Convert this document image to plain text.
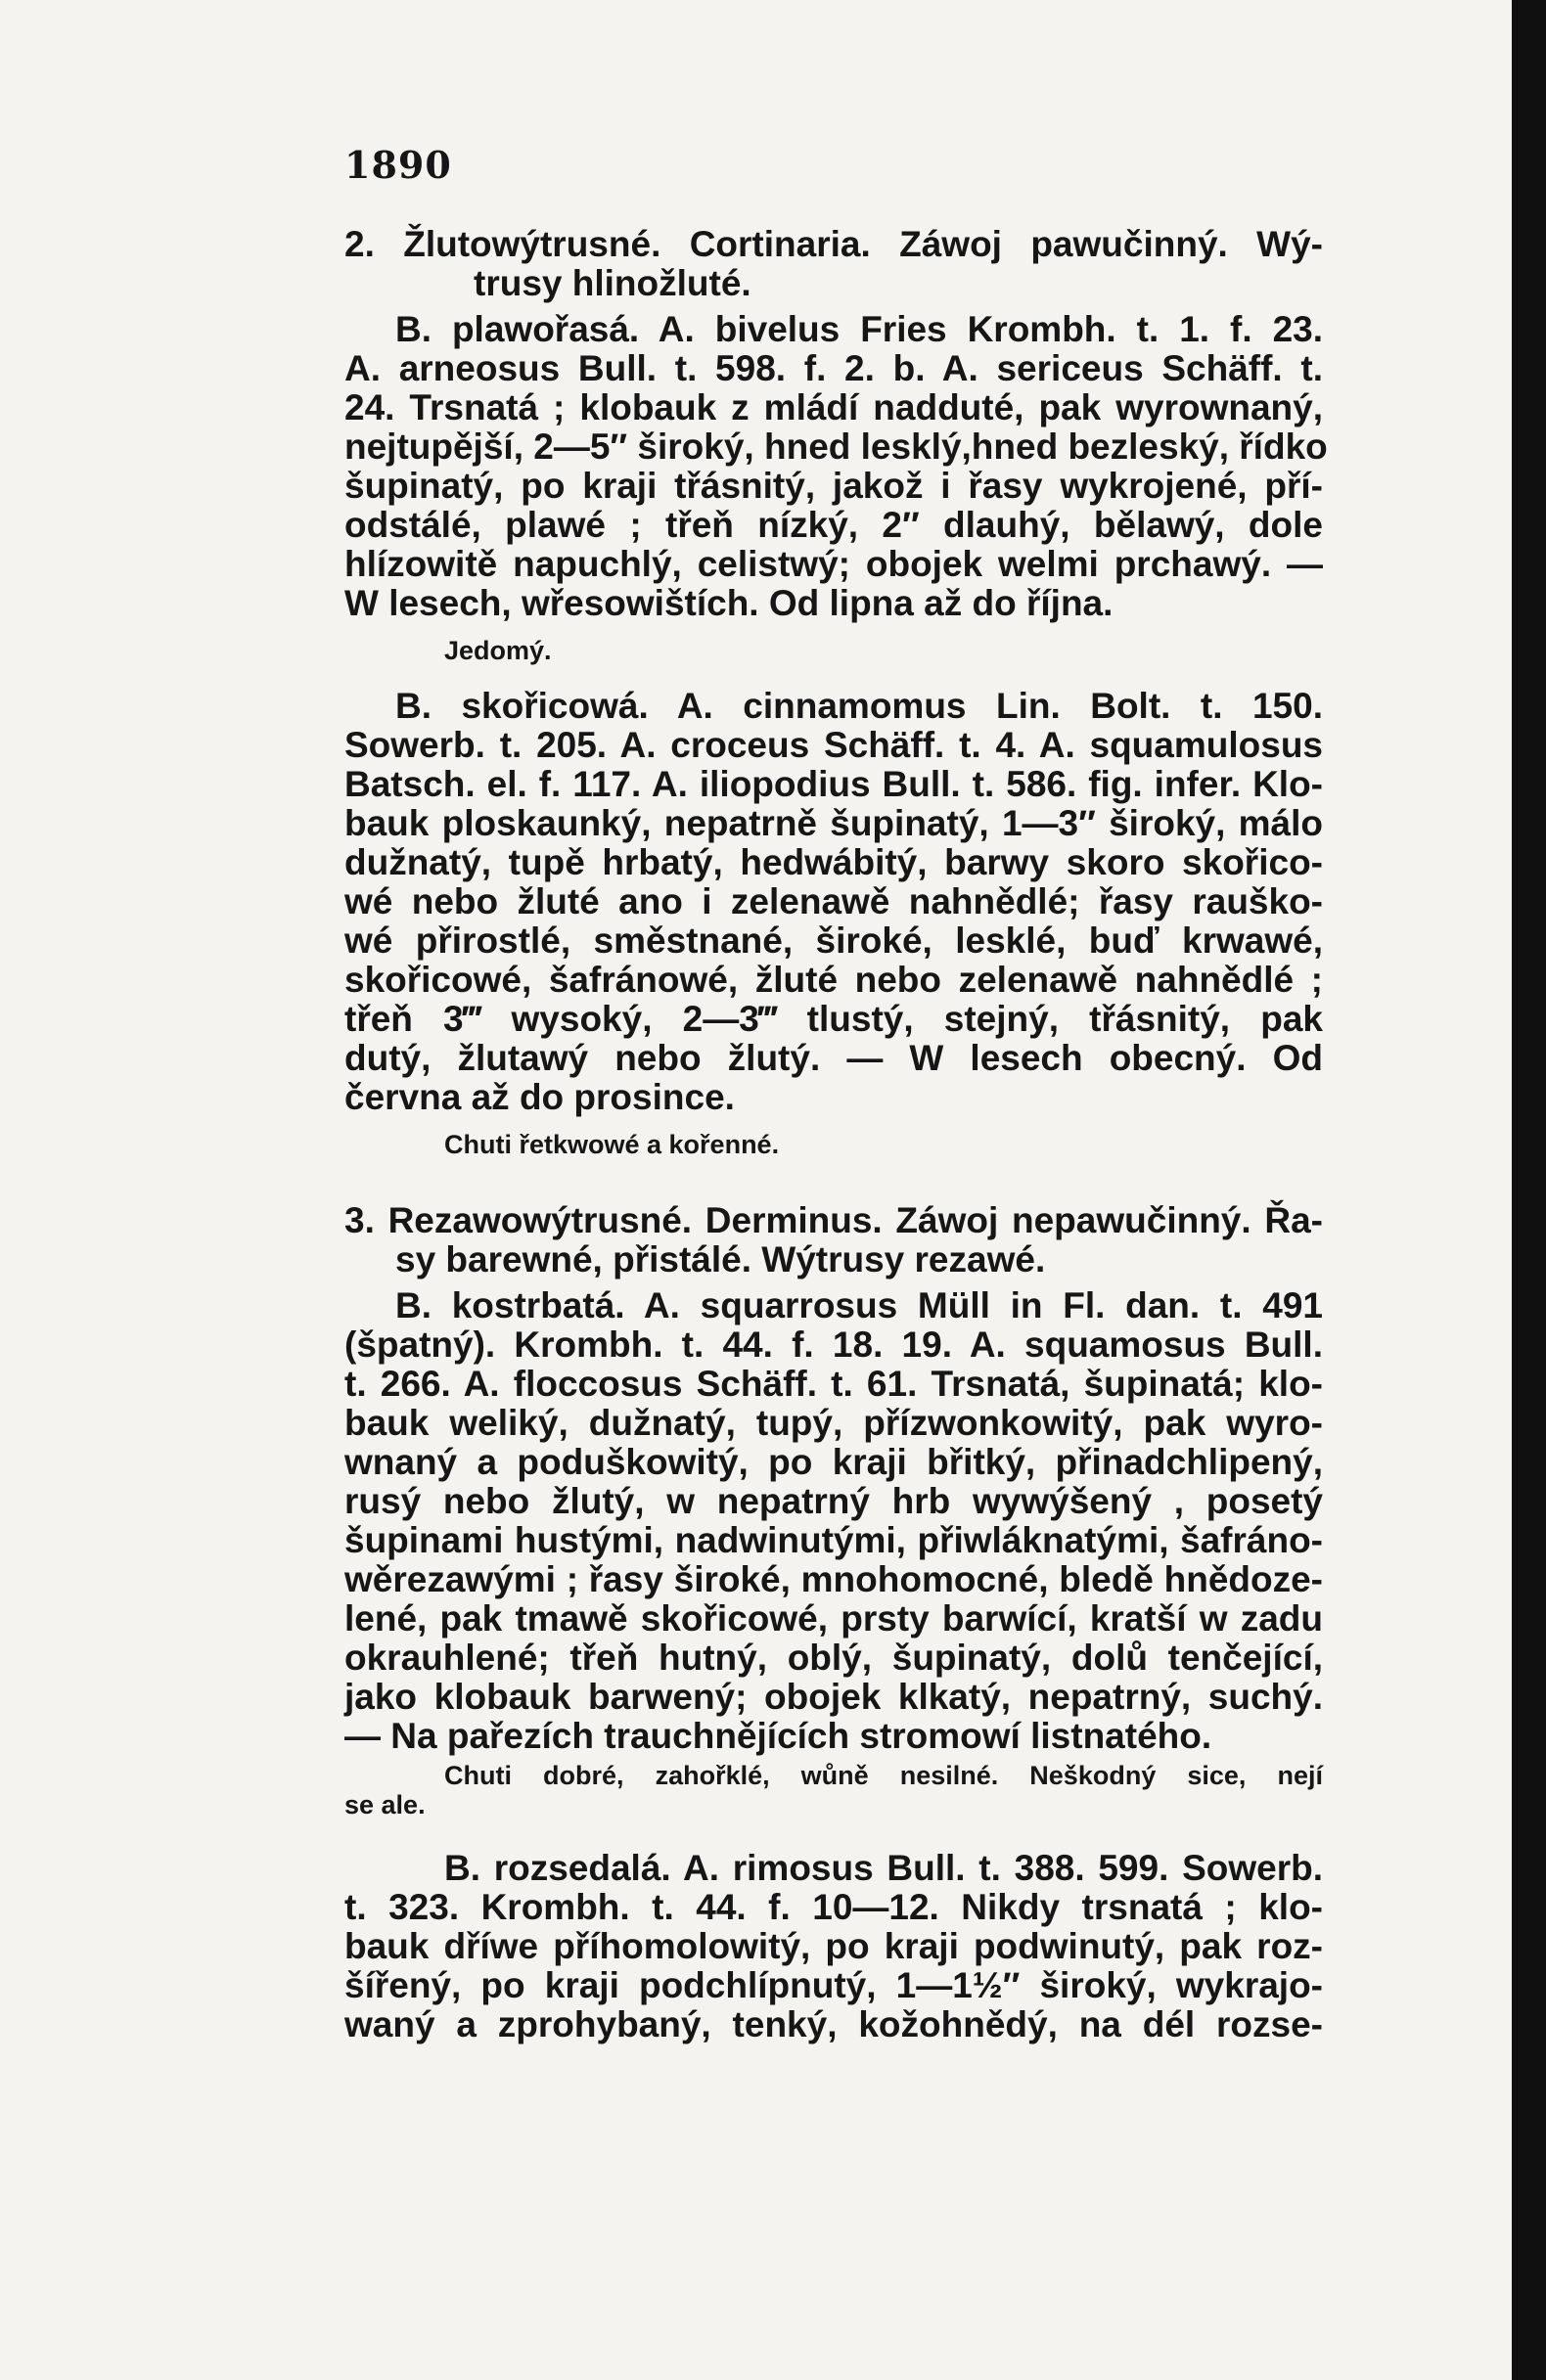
1890
2. Žlutowýtrusné. Cortinaria. Záwoj pawučinný. Wý-
trusy hlinožluté.
B. plawořasá. A. bivelus Fries Krombh. t. 1. f. 23.
A. arneosus Bull. t. 598. f. 2. b. A. sericeus Schäff. t.
24. Trsnatá ; klobauk z mládí nadduté, pak wyrownaný,
nejtupější, 2—5″ široký, hned lesklý,hned bezleský, řídko
šupinatý, po kraji třásnitý, jakož i řasy wykrojené, pří-
odstálé, plawé ; třeň nízký, 2″ dlauhý, bělawý, dole
hlízowitě napuchlý, celistwý; obojek welmi prchawý. —
W lesech, wřesowištích. Od lipna až do října.
Jedomý.
B. skořicowá. A. cinnamomus Lin. Bolt. t. 150.
Sowerb. t. 205. A. croceus Schäff. t. 4. A. squamulosus
Batsch. el. f. 117. A. iliopodius Bull. t. 586. fig. infer. Klo-
bauk ploskaunký, nepatrně šupinatý, 1—3″ široký, málo
dužnatý, tupě hrbatý, hedwábitý, barwy skoro skořico-
wé nebo žluté ano i zelenawě nahnědlé; řasy rauško-
wé přirostlé, směstnané, široké, lesklé, buď krwawé,
skořicowé, šafránowé, žluté nebo zelenawě nahnědlé ;
třeň 3‴ wysoký, 2—3‴ tlustý, stejný, třásnitý, pak
dutý, žlutawý nebo žlutý. — W lesech obecný. Od
června až do prosince.
Chuti řetkwowé a kořenné.
3. Rezawowýtrusné. Derminus. Záwoj nepawučinný. Řa-
sy barewné, přistálé. Wýtrusy rezawé.
B. kostrbatá. A. squarrosus Müll in Fl. dan. t. 491
(špatný). Krombh. t. 44. f. 18. 19. A. squamosus Bull.
t. 266. A. floccosus Schäff. t. 61. Trsnatá, šupinatá; klo-
bauk weliký, dužnatý, tupý, přízwonkowitý, pak wyro-
wnaný a poduškowitý, po kraji břitký, přinadchlipený,
rusý nebo žlutý, w nepatrný hrb wywýšený , posetý
šupinami hustými, nadwinutými, přiwláknatými, šafráno-
wěrezawými ; řasy široké, mnohomocné, bledě hnědoze-
lené, pak tmawě skořicowé, prsty barwící, kratší w zadu
okrauhlené; třeň hutný, oblý, šupinatý, dolů tenčející,
jako klobauk barwený; obojek klkatý, nepatrný, suchý.
— Na pařezích trauchnějících stromowí listnatého.
Chuti dobré, zahořklé, wůně nesilné. Neškodný sice, nejí
se ale.
B. rozsedalá. A. rimosus Bull. t. 388. 599. Sowerb.
t. 323. Krombh. t. 44. f. 10—12. Nikdy trsnatá ; klo-
bauk dříwe příhomolowitý, po kraji podwinutý, pak roz-
šířený, po kraji podchlípnutý, 1—1½″ široký, wykrajo-
waný a zprohybaný, tenký, kožohnědý, na dél rozse-
